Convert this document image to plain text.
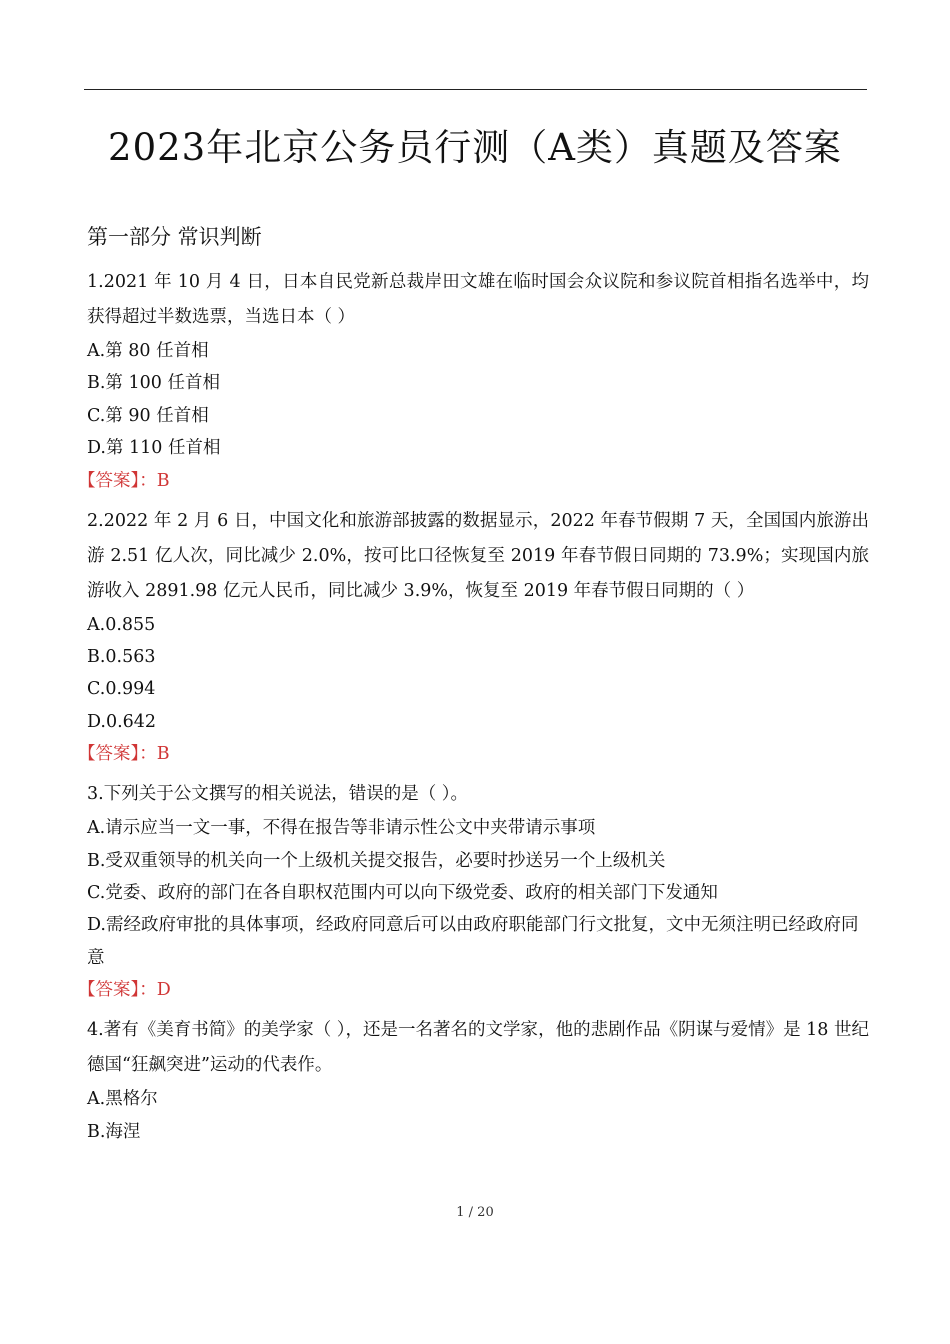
2023年北京公务员行测（A类）真题及答案
第一部分 常识判断

1.2021 年 10 月 4 日，日本自民党新总裁岸田文雄在临时国会众议院和参议院首相指名选举中，均获得超过半数选票，当选日本（ ）

A.第 80 任首相

B.第 100 任首相

C.第 90 任首相

D.第 110 任首相

【答案】：B

2.2022 年 2 月 6 日，中国文化和旅游部披露的数据显示，2022 年春节假期 7 天，全国国内旅游出游 2.51 亿人次，同比减少 2.0%，按可比口径恢复至 2019 年春节假日同期的 73.9%；实现国内旅游收入 2891.98 亿元人民币，同比减少 3.9%，恢复至 2019 年春节假日同期的（ ）

A.0.855

B.0.563

C.0.994

D.0.642

【答案】：B

3.下列关于公文撰写的相关说法，错误的是（ ）。

A.请示应当一文一事，不得在报告等非请示性公文中夹带请示事项

B.受双重领导的机关向一个上级机关提交报告，必要时抄送另一个上级机关

C.党委、政府的部门在各自职权范围内可以向下级党委、政府的相关部门下发通知

D.需经政府审批的具体事项，经政府同意后可以由政府职能部门行文批复，文中无须注明已经政府同意

【答案】：D

4.著有《美育书简》的美学家（ ），还是一名著名的文学家，他的悲剧作品《阴谋与爱情》是 18 世纪德国“狂飙突进”运动的代表作。

A.黑格尔

B.海涅

1 / 20
